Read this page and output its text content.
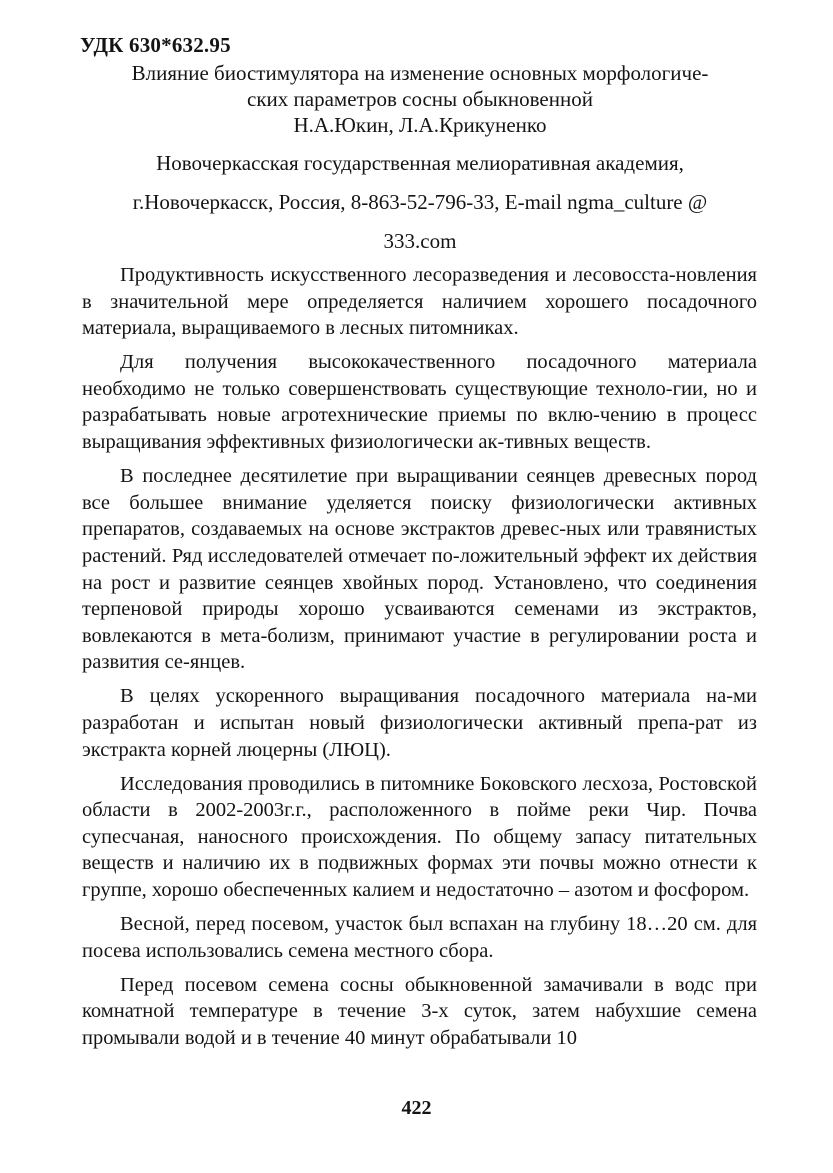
УДК 630*632.95
Влияние биостимулятора на изменение основных морфологиче-
ских параметров сосны обыкновенной
Н.А.Юкин, Л.А.Крикуненко
Новочеркасская государственная мелиоративная академия,
г.Новочеркасск, Россия, 8-863-52-796-33, E-mail ngma_culture @
333.com

Продуктивность искусственного лесоразведения и лесовосста-новления в значительной мере определяется наличием хорошего посадочного материала, выращиваемого в лесных питомниках.

Для получения высококачественного посадочного материала необходимо не только совершенствовать существующие техноло-гии, но и разрабатывать новые агротехнические приемы по вклю-чению в процесс выращивания эффективных физиологически ак-тивных веществ.

В последнее десятилетие при выращивании сеянцев древесных пород все большее внимание уделяется поиску физиологически активных препаратов, создаваемых на основе экстрактов древес-ных или травянистых растений. Ряд исследователей отмечает по-ложительный эффект их действия на рост и развитие сеянцев хвойных пород. Установлено, что соединения терпеновой природы хорошо усваиваются семенами из экстрактов, вовлекаются в мета-болизм, принимают участие в регулировании роста и развития се-янцев.

В целях ускоренного выращивания посадочного материала на-ми разработан и испытан новый физиологически активный препа-рат из экстракта корней люцерны (ЛЮЦ).

Исследования проводились в питомнике Боковского лесхоза, Ростовской области в 2002-2003г.г., расположенного в пойме реки Чир. Почва супесчаная, наносного происхождения. По общему запасу питательных веществ и наличию их в подвижных формах эти почвы можно отнести к группе, хорошо обеспеченных калием и недостаточно – азотом и фосфором.

Весной, перед посевом, участок был вспахан на глубину 18…20 см. для посева использовались семена местного сбора.

Перед посевом семена сосны обыкновенной замачивали в водс при комнатной температуре в течение 3-х суток, затем набухшие семена промывали водой и в течение 40 минут обрабатывали 10

422
